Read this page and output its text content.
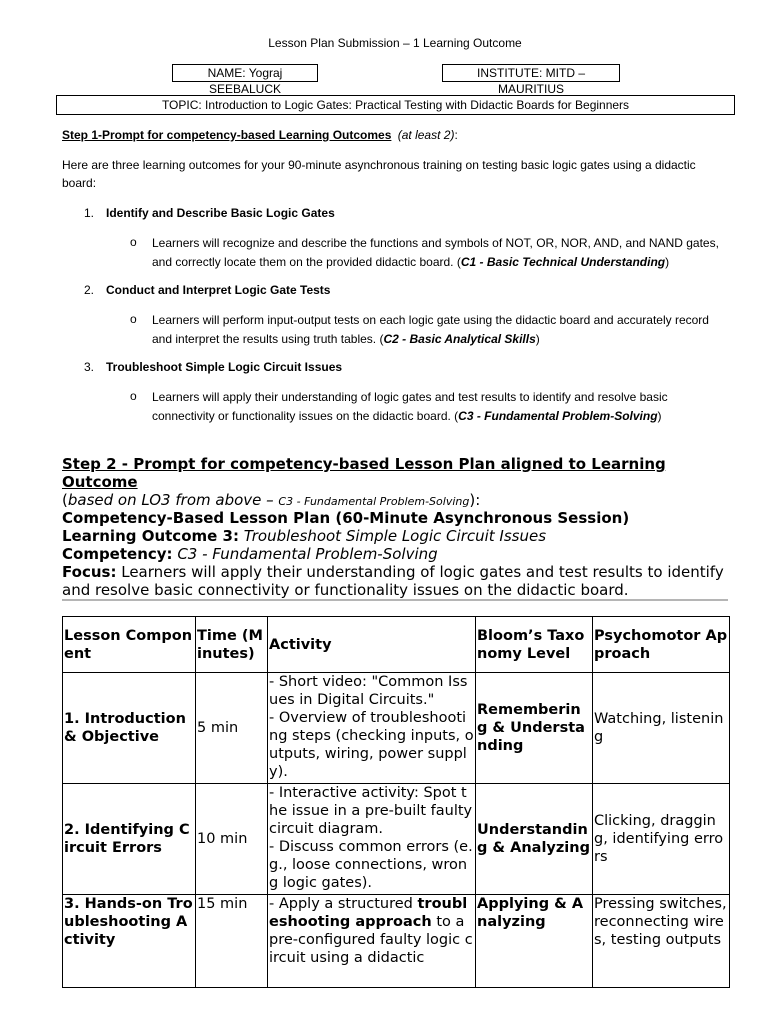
Lesson Plan Submission – 1 Learning Outcome
NAME: Yograj SEEBALUCK
INSTITUTE: MITD – MAURITIUS
TOPIC: Introduction to Logic Gates: Practical Testing with Didactic Boards for Beginners
Step 1-Prompt for competency-based Learning Outcomes (at least 2):
Here are three learning outcomes for your 90-minute asynchronous training on testing basic logic gates using a didactic board:
1. Identify and Describe Basic Logic Gates
o Learners will recognize and describe the functions and symbols of NOT, OR, NOR, AND, and NAND gates, and correctly locate them on the provided didactic board. (C1 - Basic Technical Understanding)
2. Conduct and Interpret Logic Gate Tests
o Learners will perform input-output tests on each logic gate using the didactic board and accurately record and interpret the results using truth tables. (C2 - Basic Analytical Skills)
3. Troubleshoot Simple Logic Circuit Issues
o Learners will apply their understanding of logic gates and test results to identify and resolve basic connectivity or functionality issues on the didactic board. (C3 - Fundamental Problem-Solving)
Step 2 - Prompt for competency-based Lesson Plan aligned to Learning Outcome
(based on LO3 from above – C3 - Fundamental Problem-Solving):
Competency-Based Lesson Plan (60-Minute Asynchronous Session)
Learning Outcome 3: Troubleshoot Simple Logic Circuit Issues
Competency: C3 - Fundamental Problem-Solving
Focus: Learners will apply their understanding of logic gates and test results to identify and resolve basic connectivity or functionality issues on the didactic board.
Lesson Component	Time (Minutes)	Activity	Bloom’s Taxonomy Level	Psychomotor Approach
1. Introduction & Objective	5 min	- Short video: "Common Issues in Digital Circuits."
- Overview of troubleshooting steps (checking inputs, outputs, wiring, power supply).	Remembering & Understanding	Watching, listening
2. Identifying Circuit Errors	10 min	- Interactive activity: Spot the issue in a pre-built faulty circuit diagram.
- Discuss common errors (e.g., loose connections, wrong logic gates).	Understanding & Analyzing	Clicking, dragging, identifying errors
3. Hands-on Troubleshooting Activity	15 min	- Apply a structured troubleshooting approach to a pre-configured faulty logic circuit using a didactic	Applying & Analyzing	Pressing switches, reconnecting wires, testing outputs
